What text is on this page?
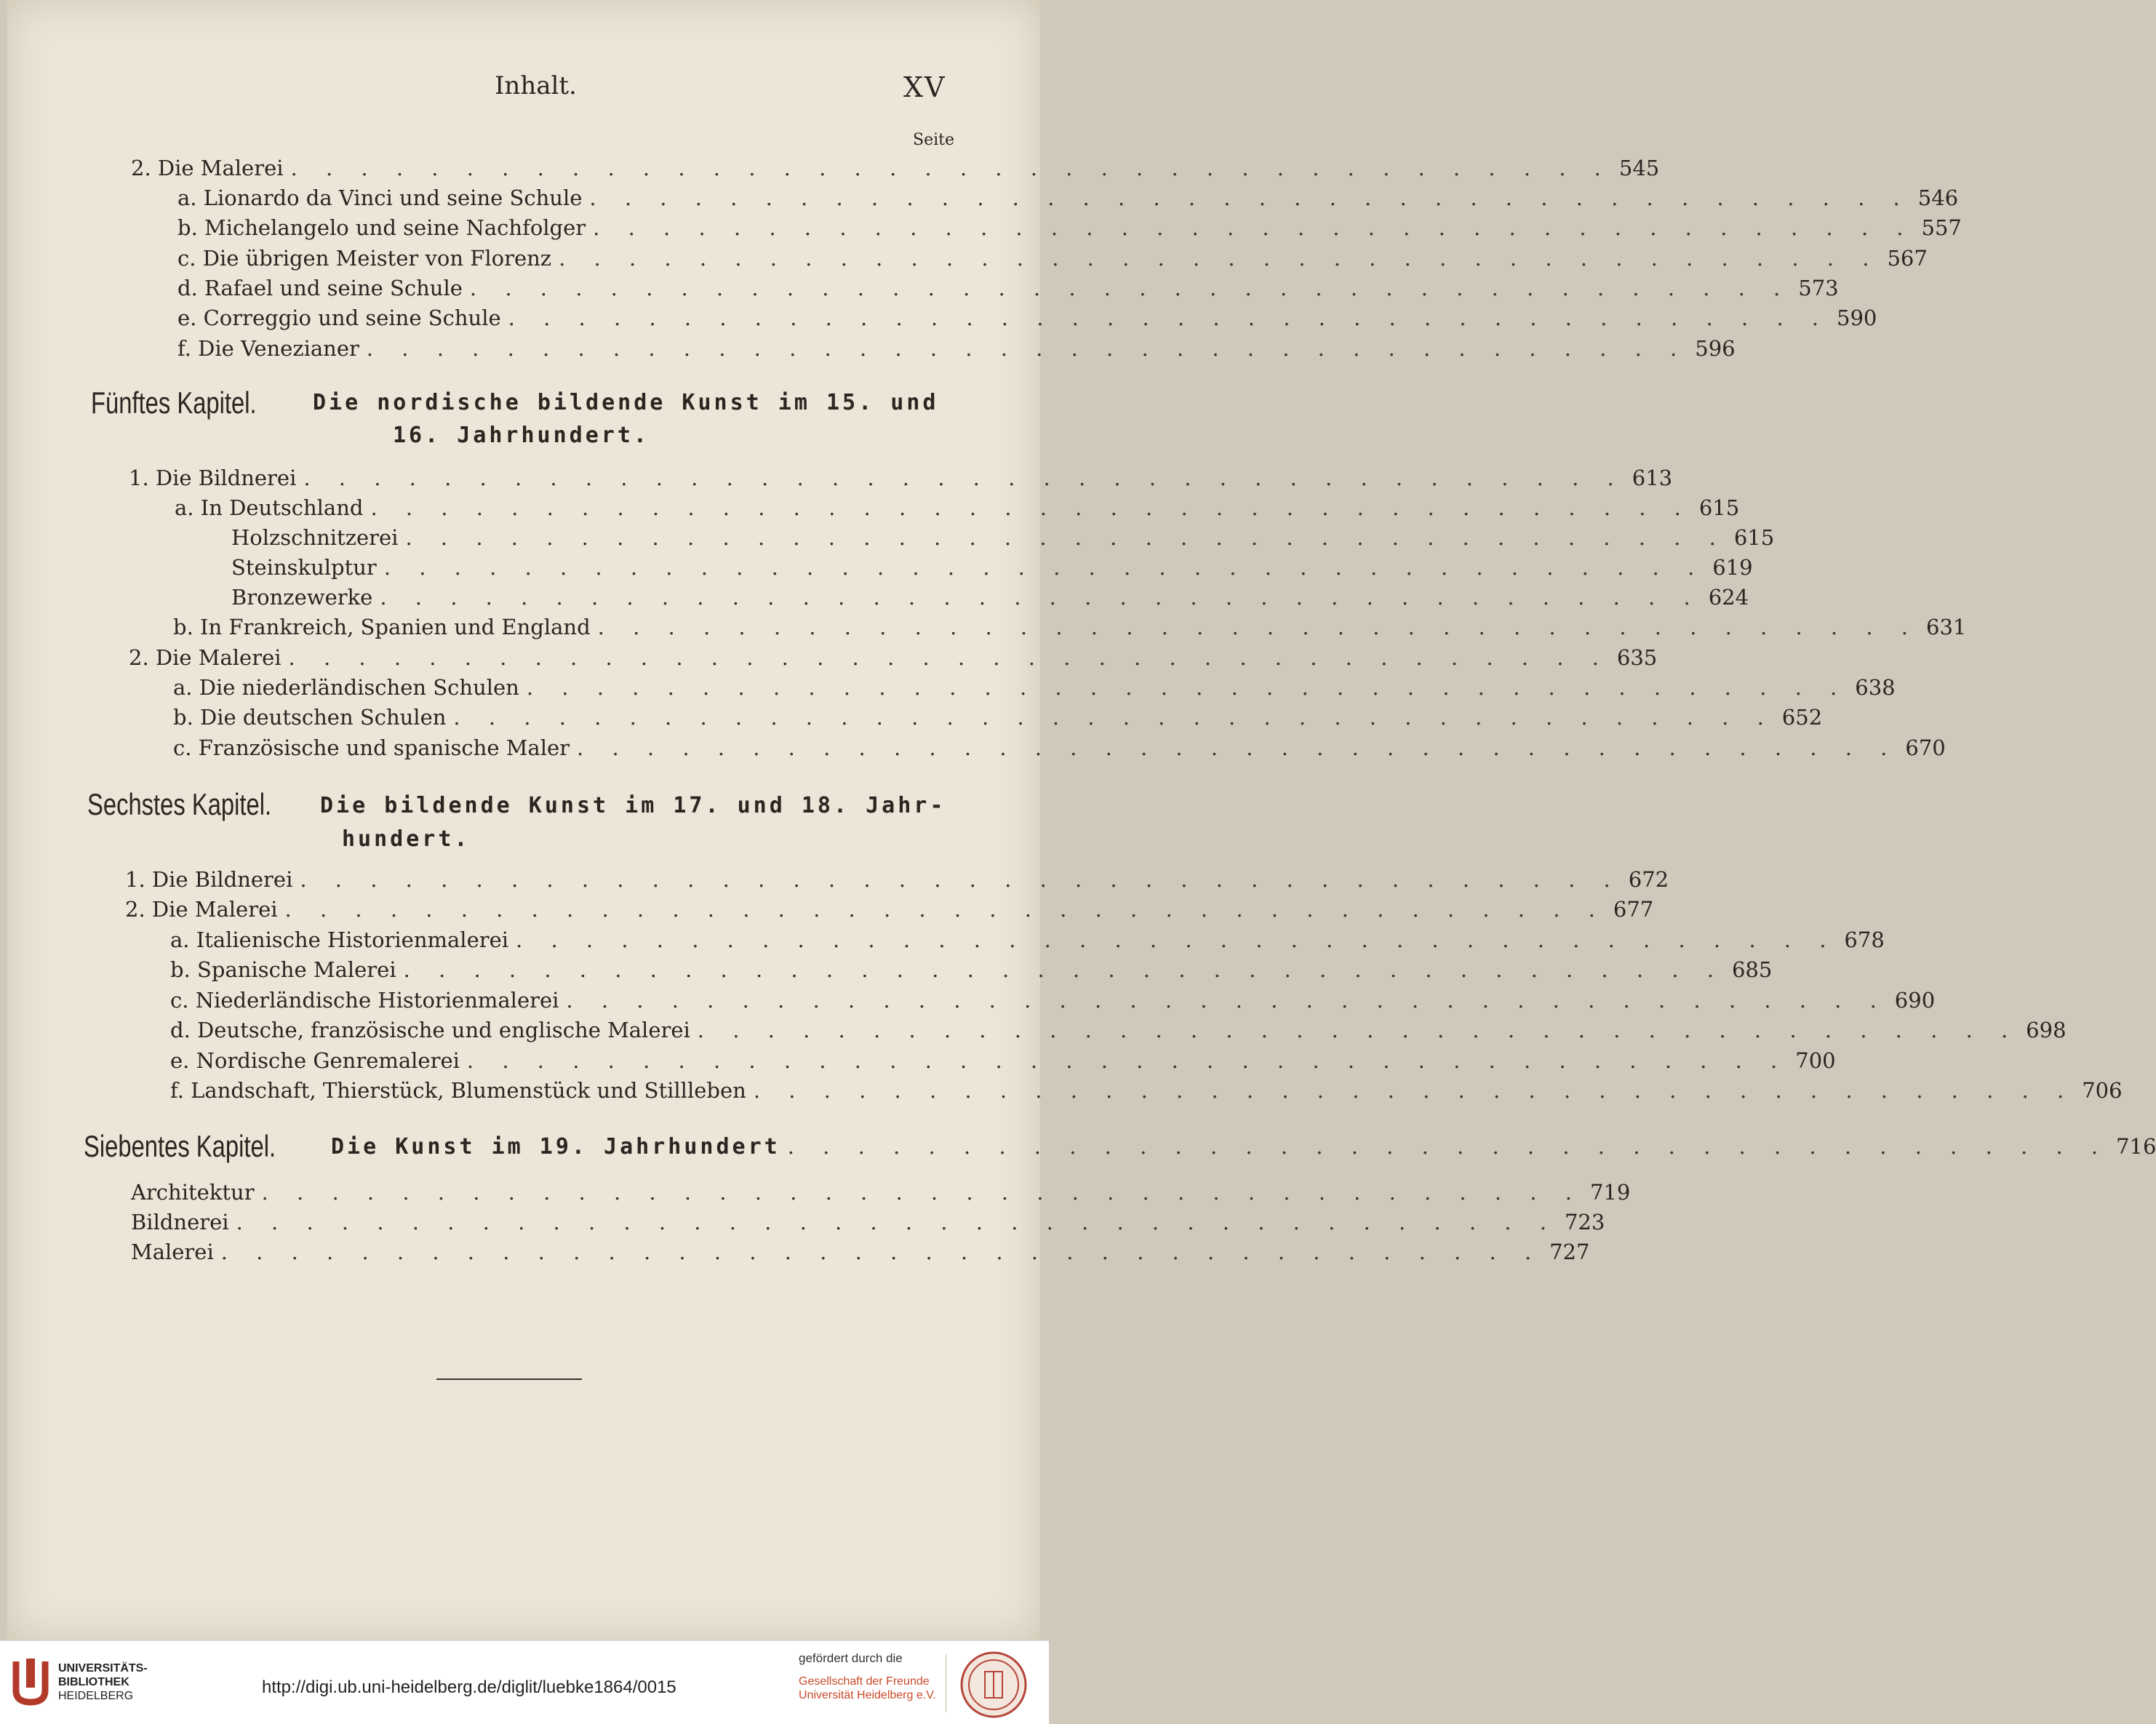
Inhalt.	XV
Seite
2.
Die Malerei . . . . . . . . . . . . . . . . . . . . . . . . . . . . . . . . . . . . . . 545
a.
Lionardo da Vinci und seine Schule . . . . . . . . . . . . . . . . . . . . . . . . . . . . . . . . . . . . . . 546
b.
Michelangelo und seine Nachfolger . . . . . . . . . . . . . . . . . . . . . . . . . . . . . . . . . . . . . . 557
c.
Die übrigen Meister von Florenz . . . . . . . . . . . . . . . . . . . . . . . . . . . . . . . . . . . . . . 567
d.
Rafael und seine Schule . . . . . . . . . . . . . . . . . . . . . . . . . . . . . . . . . . . . . . 573
e.
Correggio und seine Schule . . . . . . . . . . . . . . . . . . . . . . . . . . . . . . . . . . . . . . 590
f.
Die Venezianer . . . . . . . . . . . . . . . . . . . . . . . . . . . . . . . . . . . . . . 596
Fünftes Kapitel.	Die nordische bildende Kunst im 15. und
16. Jahrhundert.
1.
Die Bildnerei . . . . . . . . . . . . . . . . . . . . . . . . . . . . . . . . . . . . . . 613
a.
In Deutschland . . . . . . . . . . . . . . . . . . . . . . . . . . . . . . . . . . . . . . 615
Holzschnitzerei . . . . . . . . . . . . . . . . . . . . . . . . . . . . . . . . . . . . . . 615
Steinskulptur . . . . . . . . . . . . . . . . . . . . . . . . . . . . . . . . . . . . . . 619
Bronzewerke . . . . . . . . . . . . . . . . . . . . . . . . . . . . . . . . . . . . . . 624
b.
In Frankreich, Spanien und England . . . . . . . . . . . . . . . . . . . . . . . . . . . . . . . . . . . . . . 631
2.
Die Malerei . . . . . . . . . . . . . . . . . . . . . . . . . . . . . . . . . . . . . . 635
a.
Die niederländischen Schulen . . . . . . . . . . . . . . . . . . . . . . . . . . . . . . . . . . . . . . 638
b.
Die deutschen Schulen . . . . . . . . . . . . . . . . . . . . . . . . . . . . . . . . . . . . . . 652
c.
Französische und spanische Maler . . . . . . . . . . . . . . . . . . . . . . . . . . . . . . . . . . . . . . 670
Sechstes Kapitel. Die bildende Kunst im 17. und 18. Jahr-
hundert.
1.
Die Bildnerei . . . . . . . . . . . . . . . . . . . . . . . . . . . . . . . . . . . . . . 672
2.
Die Malerei . . . . . . . . . . . . . . . . . . . . . . . . . . . . . . . . . . . . . . 677
a.
Italienische Historienmalerei . . . . . . . . . . . . . . . . . . . . . . . . . . . . . . . . . . . . . . 678
b.
Spanische Malerei . . . . . . . . . . . . . . . . . . . . . . . . . . . . . . . . . . . . . . 685
c.
Niederländische Historienmalerei . . . . . . . . . . . . . . . . . . . . . . . . . . . . . . . . . . . . . . 690
d.
Deutsche, französische und englische Malerei . . . . . . . . . . . . . . . . . . . . . . . . . . . . . . . . . . . . . . 698
e.
Nordische Genremalerei . . . . . . . . . . . . . . . . . . . . . . . . . . . . . . . . . . . . . . 700
f.
Landschaft, Thierstück, Blumenstück und Stillleben . . . . . . . . . . . . . . . . . . . . . . . . . . . . . . . . . . . . . . 706
Siebentes Kapitel.	Die Kunst im 19. Jahrhundert . . . . . . . . . . . . . . . . . . . . . . . . . . . . . . . . . . . . . . 716
Architektur . . . . . . . . . . . . . . . . . . . . . . . . . . . . . . . . . . . . . . 719
Bildnerei . . . . . . . . . . . . . . . . . . . . . . . . . . . . . . . . . . . . . . 723
Malerei . . . . . . . . . . . . . . . . . . . . . . . . . . . . . . . . . . . . . . 727
UNIVERSITÄTS-
BIBLIOTHEK
HEIDELBERG	http://digi.ub.uni-heidelberg.de/diglit/luebke1864/0015
gefördert durch die
Gesellschaft der Freunde
Universität Heidelberg e.V.
